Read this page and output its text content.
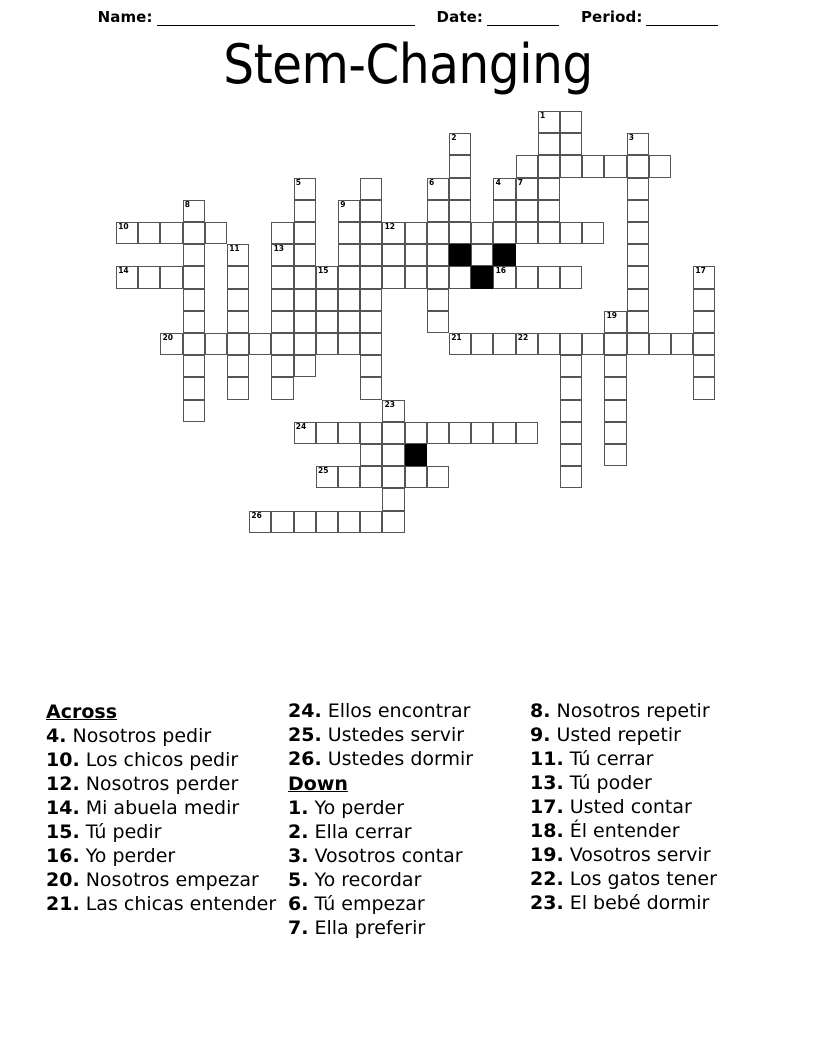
Name:	Date:	Period:
Stem-Changing
1
2	3
4 7
5	6
8	9
10
13
12
11
14	15	16	17
19
20	21	22
23
24
25
26
Across
4. Nosotros pedir
10. Los chicos pedir
12. Nosotros perder
14. Mi abuela medir
15. Tú pedir
16. Yo perder
20. Nosotros empezar
21. Las chicas entender
24. Ellos encontrar
25. Ustedes servir
26. Ustedes dormir
Down
1. Yo perder
2. Ella cerrar
3. Vosotros contar
5. Yo recordar
6. Tú empezar
7. Ella preferir
8. Nosotros repetir
9. Usted repetir
11. Tú cerrar
13. Tú poder
17. Usted contar
18. Él entender
19. Vosotros servir
22. Los gatos tener
23. El bebé dormir
